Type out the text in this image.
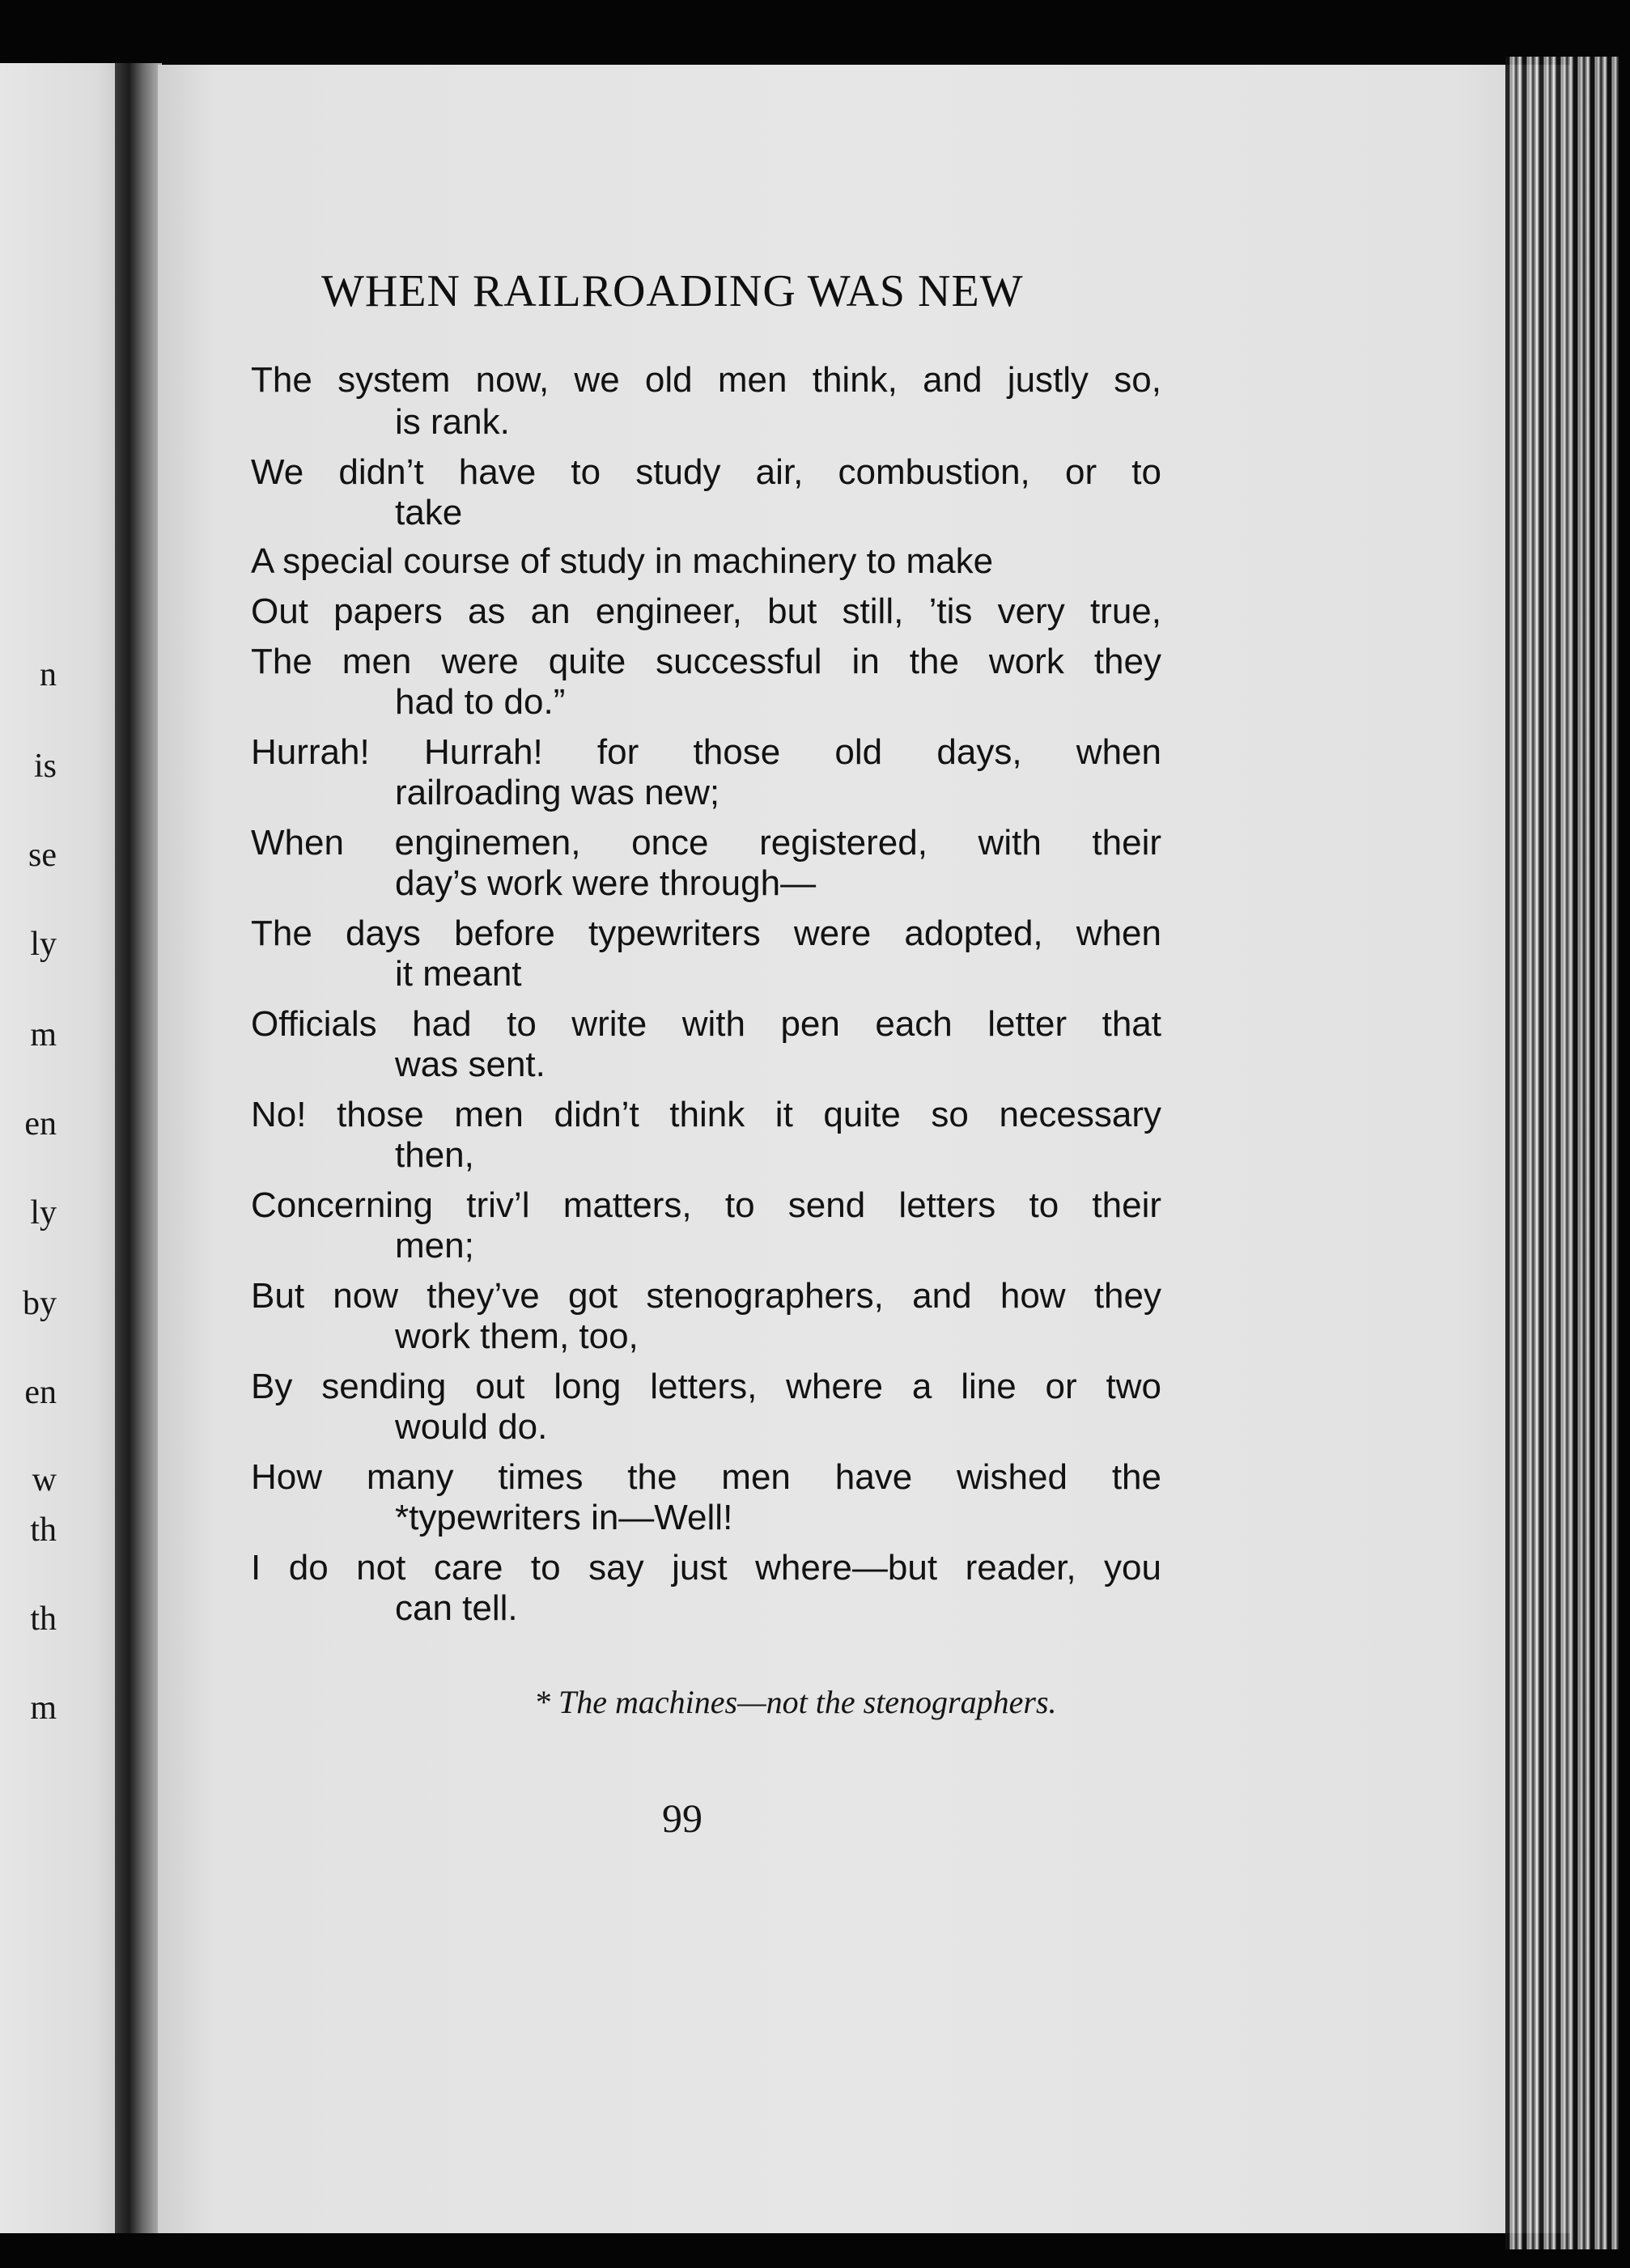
n
is
se
ly
m
en
ly
by
en
w
th
th
m
WHEN RAILROADING WAS NEW
The system now, we old men think, and justly so,
is rank.
We didn’t have to study air, combustion, or to
take
A special course of study in machinery to make
Out papers as an engineer, but still, ’tis very true,
The men were quite successful in the work they
had to do.”
Hurrah! Hurrah! for those old days, when
railroading was new;
When enginemen, once registered, with their
day’s work were through—
The days before typewriters were adopted, when
it meant
Officials had to write with pen each letter that
was sent.
No! those men didn’t think it quite so necessary
then,
Concerning triv’l matters, to send letters to their
men;
But now they’ve got stenographers, and how they
work them, too,
By sending out long letters, where a line or two
would do.
How many times the men have wished the
*typewriters in—Well!
I do not care to say just where—but reader, you
can tell.

* The machines—not the stenographers.

99
